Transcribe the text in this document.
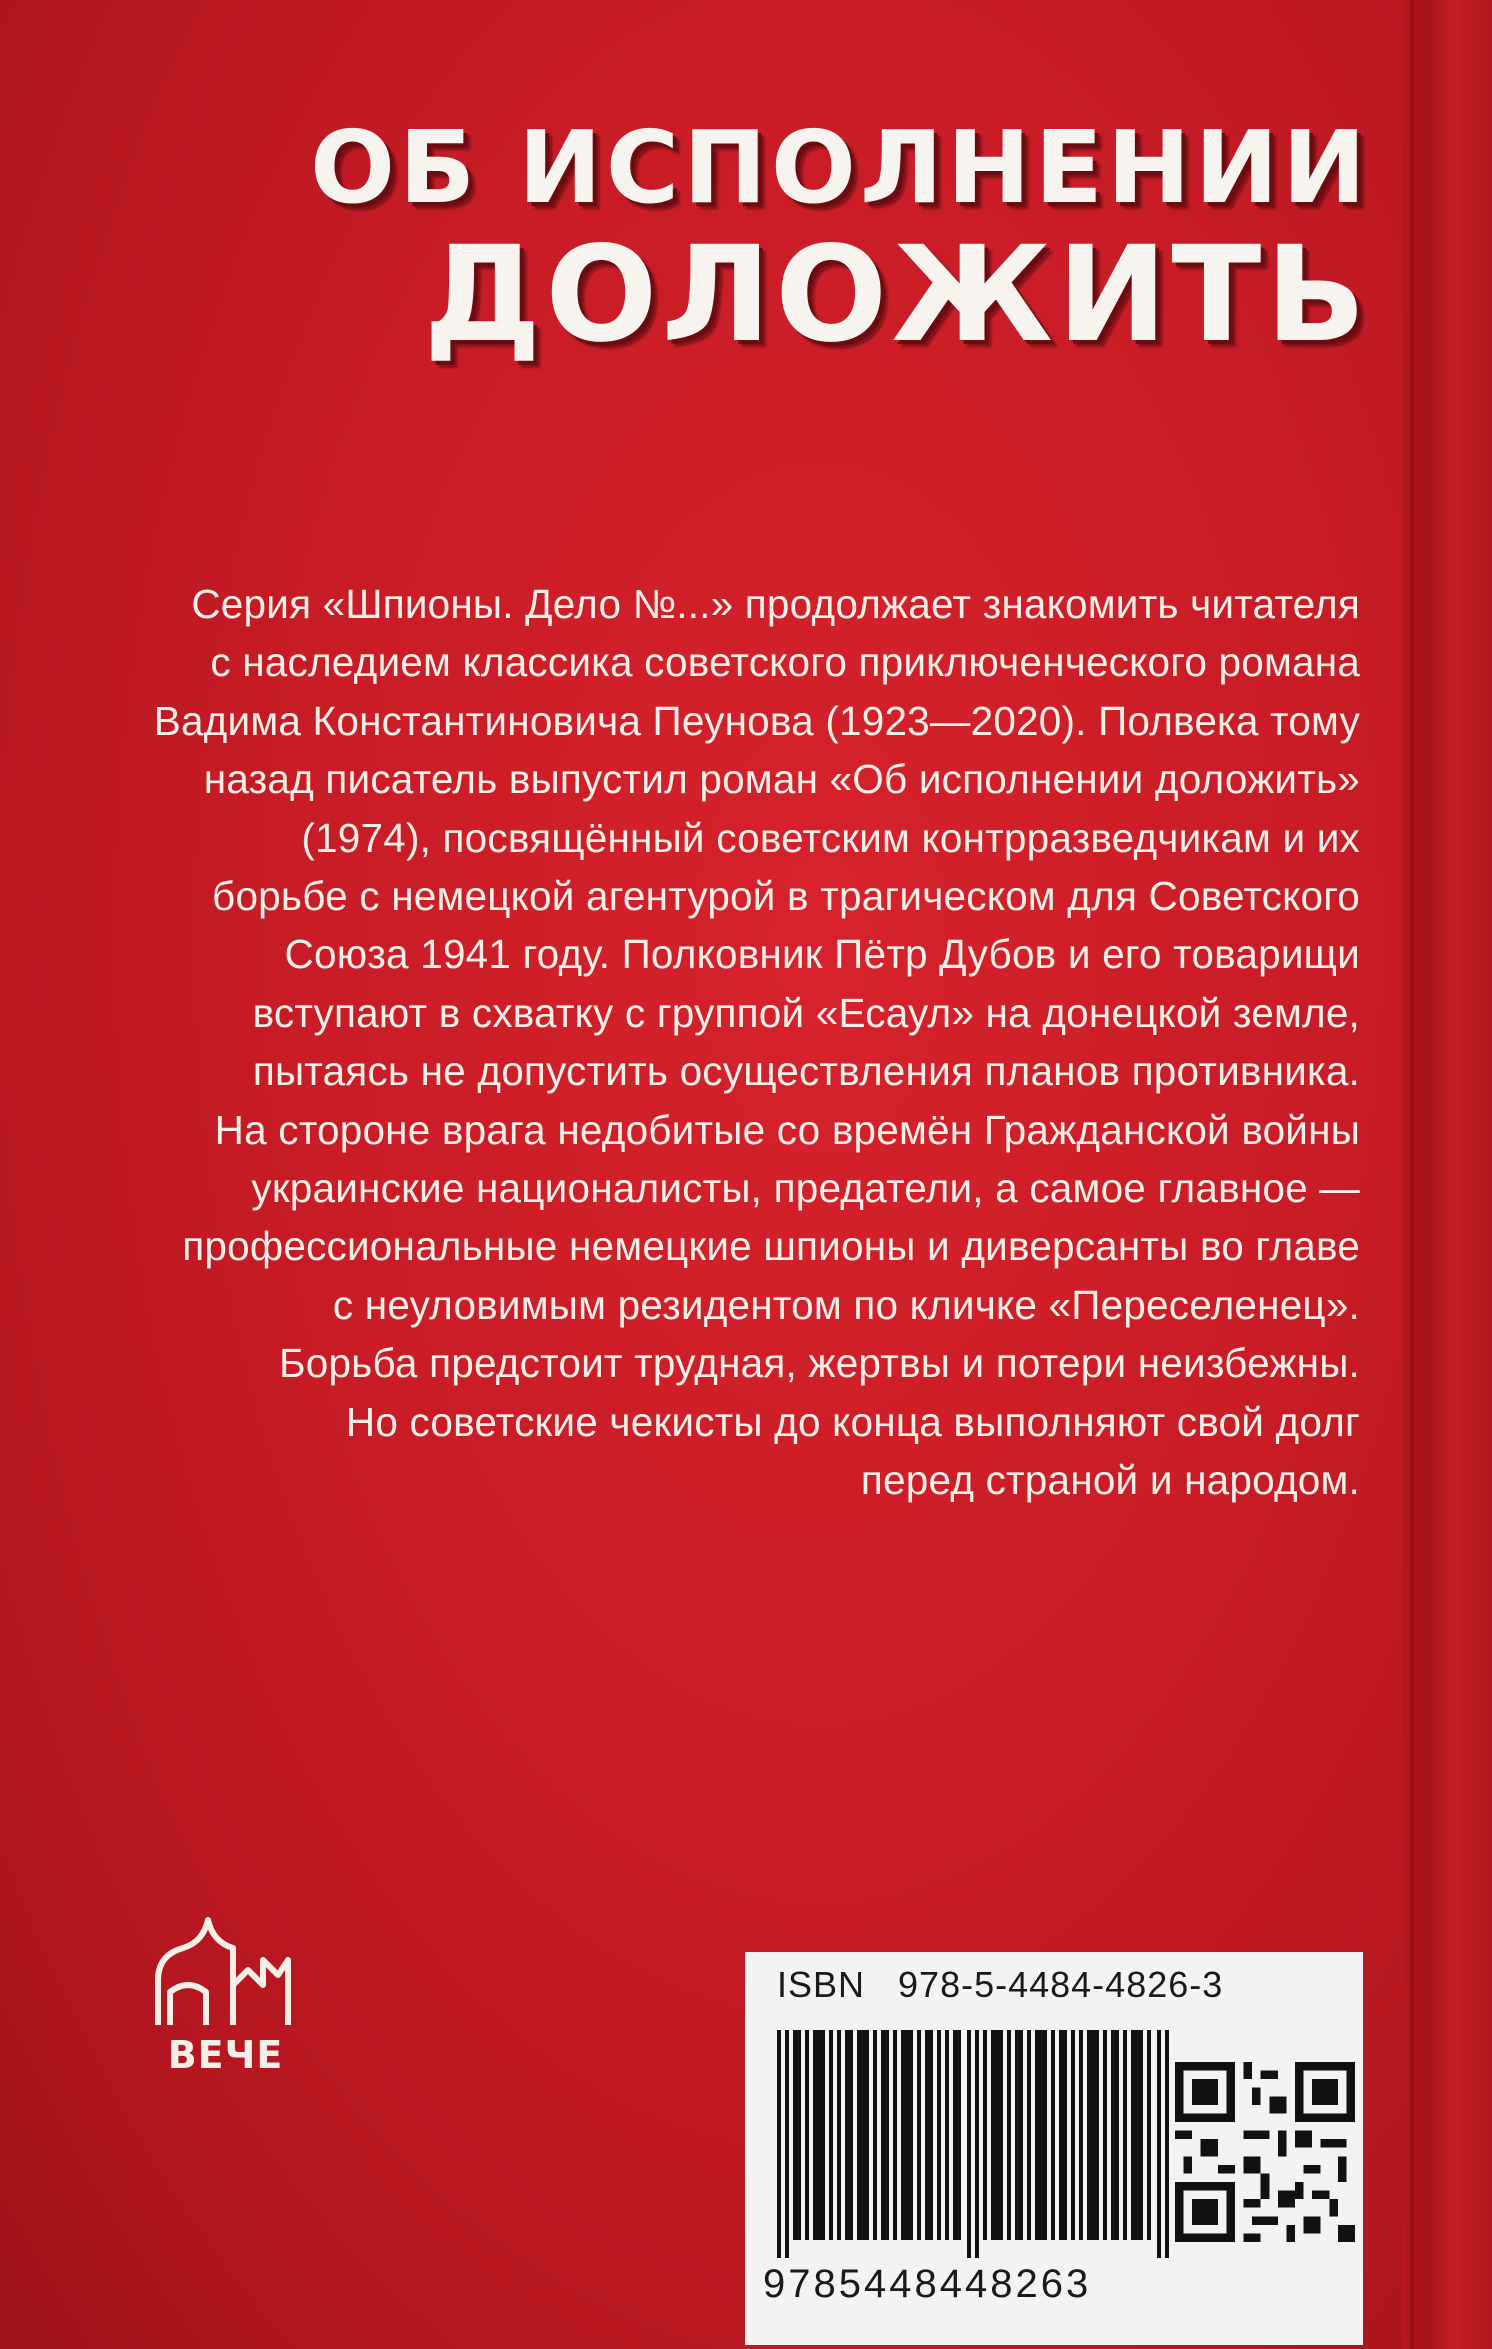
ОБ ИСПОЛНЕНИИ
ДОЛОЖИТЬ
Серия «Шпионы. Дело №...» продолжает знакомить читателя
с наследием классика советского приключенческого романа
Вадима Константиновича Пеунова (1923—2020). Полвека тому
назад писатель выпустил роман «Об исполнении доложить»
(1974), посвящённый советским контрразведчикам и их
борьбе с немецкой агентурой в трагическом для Советского
Союза 1941 году. Полковник Пётр Дубов и его товарищи
вступают в схватку с группой «Есаул» на донецкой земле,
пытаясь не допустить осуществления планов противника.
На стороне врага недобитые со времён Гражданской войны
украинские националисты, предатели, а самое главное —
профессиональные немецкие шпионы и диверсанты во главе
с неуловимым резидентом по кличке «Переселенец».
Борьба предстоит трудная, жертвы и потери неизбежны.
Но советские чекисты до конца выполняют свой долг
перед страной и народом.
ВЕЧЕ
ISBN   978-5-4484-4826-3
9785448448263
